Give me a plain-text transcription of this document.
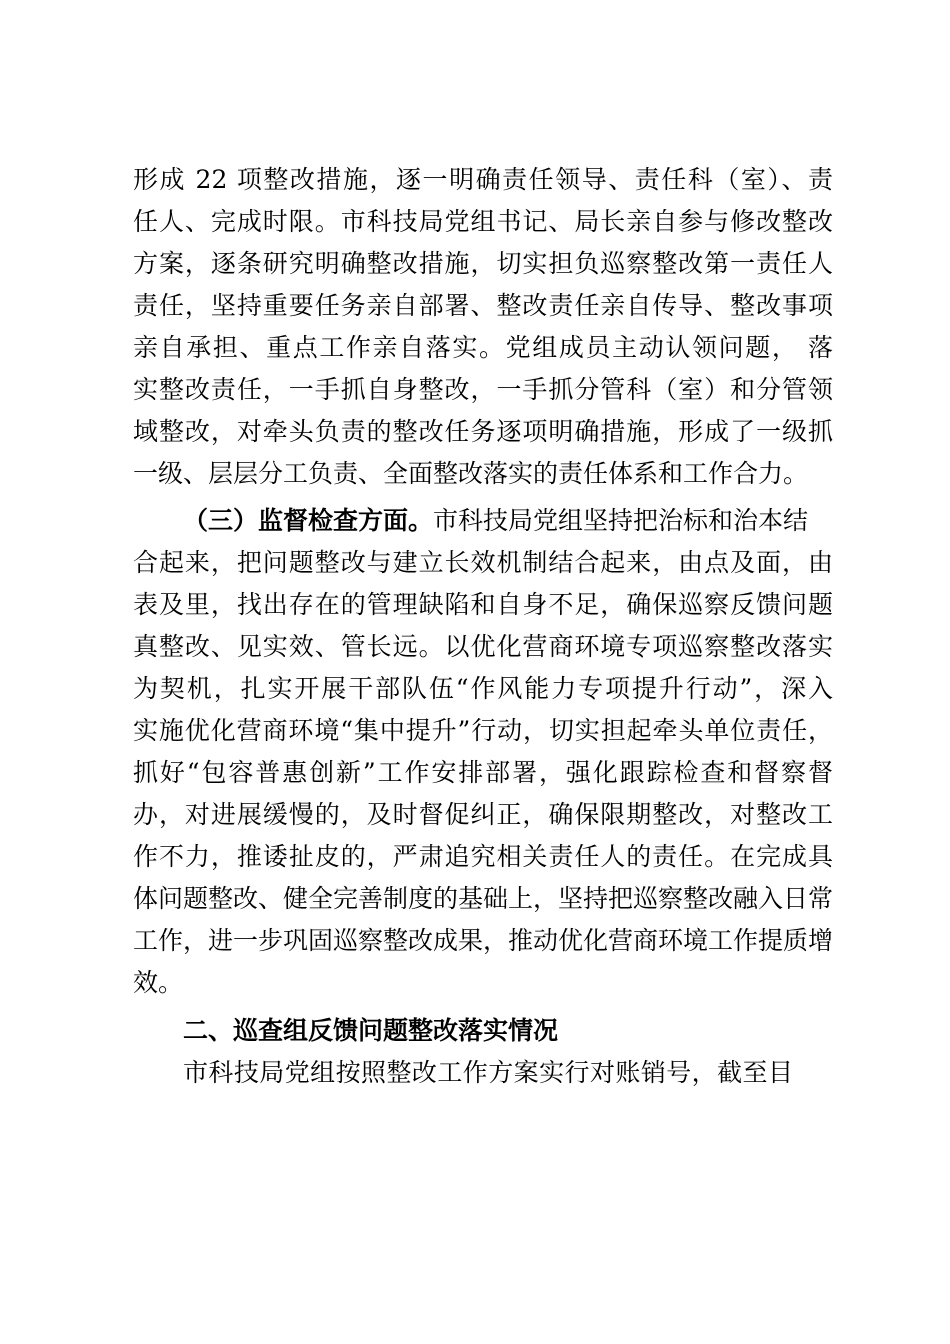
形成 22 项整改措施，逐一明确责任领导、责任科（室）、责
任人、完成时限。市科技局党组书记、局长亲自参与修改整改
方案，逐条研究明确整改措施，切实担负巡察整改第一责任人
责任，坚持重要任务亲自部署、整改责任亲自传导、整改事项
亲自承担、重点工作亲自落实。党组成员主动认领问题， 落
实整改责任，一手抓自身整改，一手抓分管科（室）和分管领
域整改，对牵头负责的整改任务逐项明确措施，形成了一级抓
一级、层层分工负责、全面整改落实的责任体系和工作合力。
（三）监督检查方面。市科技局党组坚持把治标和治本结
合起来，把问题整改与建立长效机制结合起来，由点及面，由
表及里，找出存在的管理缺陷和自身不足，确保巡察反馈问题
真整改、见实效、管长远。以优化营商环境专项巡察整改落实
为契机，扎实开展干部队伍“作风能力专项提升行动”，深入
实施优化营商环境“集中提升”行动，切实担起牵头单位责任，
抓好“包容普惠创新”工作安排部署，强化跟踪检查和督察督
办，对进展缓慢的，及时督促纠正，确保限期整改，对整改工
作不力，推诿扯皮的，严肃追究相关责任人的责任。在完成具
体问题整改、健全完善制度的基础上，坚持把巡察整改融入日常
工作，进一步巩固巡察整改成果，推动优化营商环境工作提质增
效。
二、巡查组反馈问题整改落实情况
市科技局党组按照整改工作方案实行对账销号，截至目
